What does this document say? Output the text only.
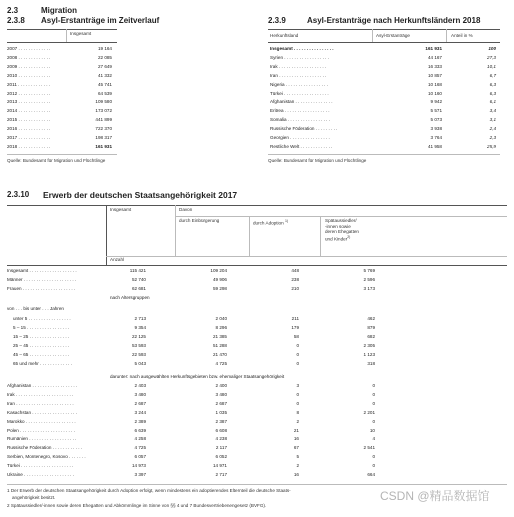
2.3	Migration
2.3.8 Asyl-Erstanträge im Zeitverlauf
Insgesamt
2007 . . . . . . . . . . . . .	19 164
2008 . . . . . . . . . . . . .	22 085
2009 . . . . . . . . . . . . .	27 649
2010 . . . . . . . . . . . . .	41 332
2011 . . . . . . . . . . . . .	45 741
2012 . . . . . . . . . . . . .	64 539
2013 . . . . . . . . . . . . .	109 580
2014 . . . . . . . . . . . . .	173 072
2015 . . . . . . . . . . . . .	441 899
2016 . . . . . . . . . . . . .	722 370
2017 . . . . . . . . . . . . .	198 317
2018 . . . . . . . . . . . . .	161 931
Quelle: Bundesamt für Migration und Flüchtlinge
2.3.9	Asyl-Erstanträge nach Herkunftsländern 2018
Herkunftsland	Asyl-Erstanträge	Anteil in %
Insgesamt . . . . . . . . . . . . . . . .	161 931	100
Syrien . . . . . . . . . . . . . . . . . .	44 167	27,3
Irak . . . . . . . . . . . . . . . . . . .	16 333	10,1
Iran . . . . . . . . . . . . . . . . . . .	10 857	6,7
Nigeria . . . . . . . . . . . . . . . . .	10 168	6,3
Türkei . . . . . . . . . . . . . . . . . .	10 160	6,3
Afghanistan . . . . . . . . . . . . . . .	9 942	6,1
Eritrea . . . . . . . . . . . . . . . . . .	5 571	3,4
Somalia . . . . . . . . . . . . . . . . .	5 073	3,1
Russische Föderation . . . . . . . . .	3 938	2,4
Georgien . . . . . . . . . . . . . . . .	3 764	2,3
Restliche Welt . . . . . . . . . . . . .	41 958	25,9
Quelle: Bundesamt für Migration und Flüchtlinge
2.3.10 Erwerb der deutschen Staatsangehörigkeit 2017
Insgesamt	Davon
durch Einbürgerung
durch Adoption $^{1)}$	Spätaussiedler/
-innen sowie
deren Ehegatten
und Kinder$^{2)}$
Anzahl
Insgesamt . . . . . . . . . . . . . . . . . . .	115 421	109 204	448	5 769
Männer . . . . . . . . . . . . . . . . . . . . .	52 740	49 906	238	2 596
Frauen . . . . . . . . . . . . . . . . . . . . .	62 681	59 298	210	3 173
nach Altersgruppen
von . . . bis unter . . . Jahren
unter 5 . . . . . . . . . . . . . . . . .	2 713	2 040	211	462
5 – 15 . . . . . . . . . . . . . . . . .	9 354	8 296	179	879
15 – 25 . . . . . . . . . . . . . . . .	22 125	21 385	58	682
25 – 45 . . . . . . . . . . . . . . . .	53 593	51 288	0	2 305
45 – 65 . . . . . . . . . . . . . . . .	22 593	21 470	0	1 123
65 und mehr . . . . . . . . . . . . .	5 043	4 725	0	318
darunter: nach ausgewählten Herkunftsgebieten bzw. ehemaliger Staatsangehörigkeit
Afghanistan . . . . . . . . . . . . . . . . . .	2 403	2 400	3	0
Irak . . . . . . . . . . . . . . . . . . . . . . .	3 480	3 480	0	0
Iran . . . . . . . . . . . . . . . . . . . . . . .	2 687	2 687	0	0
Kasachstan . . . . . . . . . . . . . . . . . .	3 244	1 035	8	2 201
Marokko . . . . . . . . . . . . . . . . . . . .	2 389	2 387	2	0
Polen . . . . . . . . . . . . . . . . . . . . . .	6 639	6 608	21	10
Rumänien . . . . . . . . . . . . . . . . . . .	4 258	4 238	16	4
Russische Föderation . . . . . . . . . . . .	4 725	2 117	67	2 541
Serbien, Montenegro, Kosovo . . . . . . .	6 057	6 052	5	0
Türkei . . . . . . . . . . . . . . . . . . . . .	14 973	14 971	2	0
Ukraine . . . . . . . . . . . . . . . . . . . .	3 397	2 717	16	664
1 Der Erwerb der deutschen Staatsangehörigkeit durch Adoption erfolgt, wenn mindestens ein adoptierendes Elternteil die deutsche Staats-
angehörigkeit besitzt.
2 Spätaussiedler/-innen sowie deren Ehegatten und Abkömmlinge im Sinne von §§ 4 und 7 Bundesvertriebenengesetz (BVFG).
CSDN @精品数据馆
